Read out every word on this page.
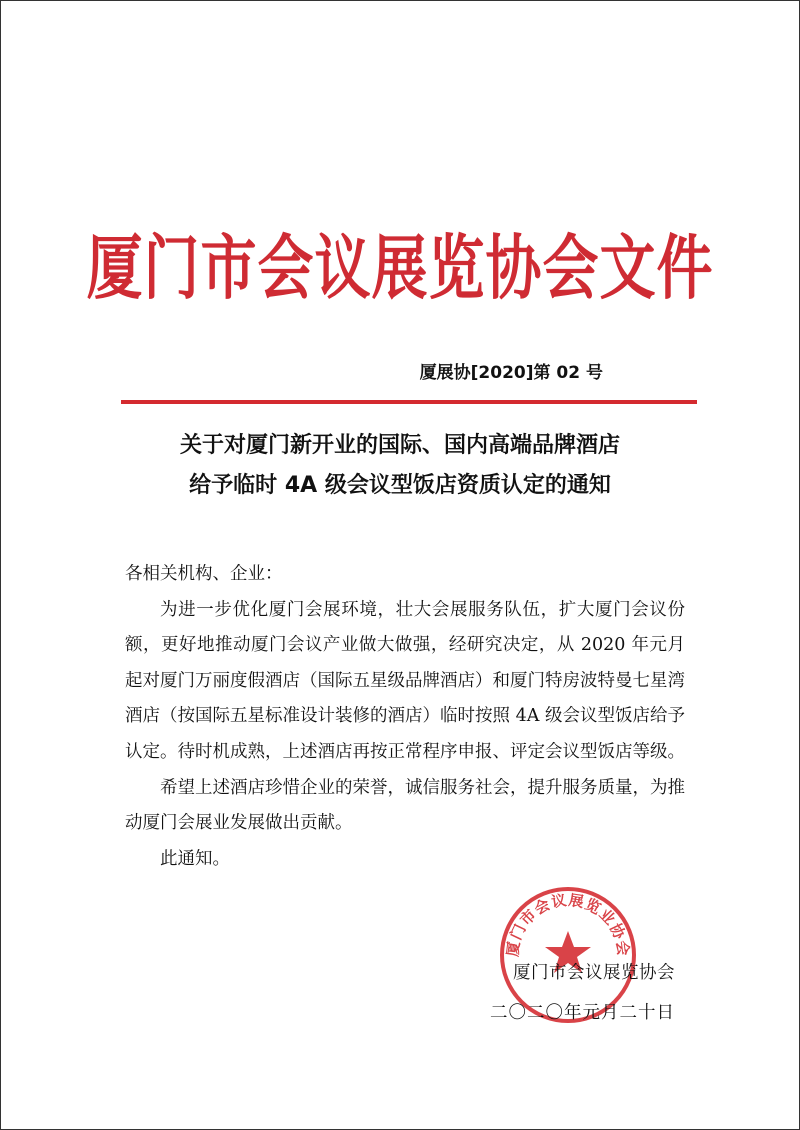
厦门市会议展览协会文件
厦展协[2020]第 02 号
关于对厦门新开业的国际、国内高端品牌酒店
给予临时 4A 级会议型饭店资质认定的通知

各相关机构、企业：

为进一步优化厦门会展环境，壮大会展服务队伍，扩大厦门会议份额，更好地推动厦门会议产业做大做强，经研究决定，从 2020 年元月起对厦门万丽度假酒店（国际五星级品牌酒店）和厦门特房波特曼七星湾酒店（按国际五星标准设计装修的酒店）临时按照 4A 级会议型饭店给予认定。待时机成熟，上述酒店再按正常程序申报、评定会议型饭店等级。

希望上述酒店珍惜企业的荣誉，诚信服务社会，提升服务质量，为推动厦门会展业发展做出贡献。

此通知。

厦门市会议展览业协会
厦门市会议展览协会
二〇二〇年元月二十日
